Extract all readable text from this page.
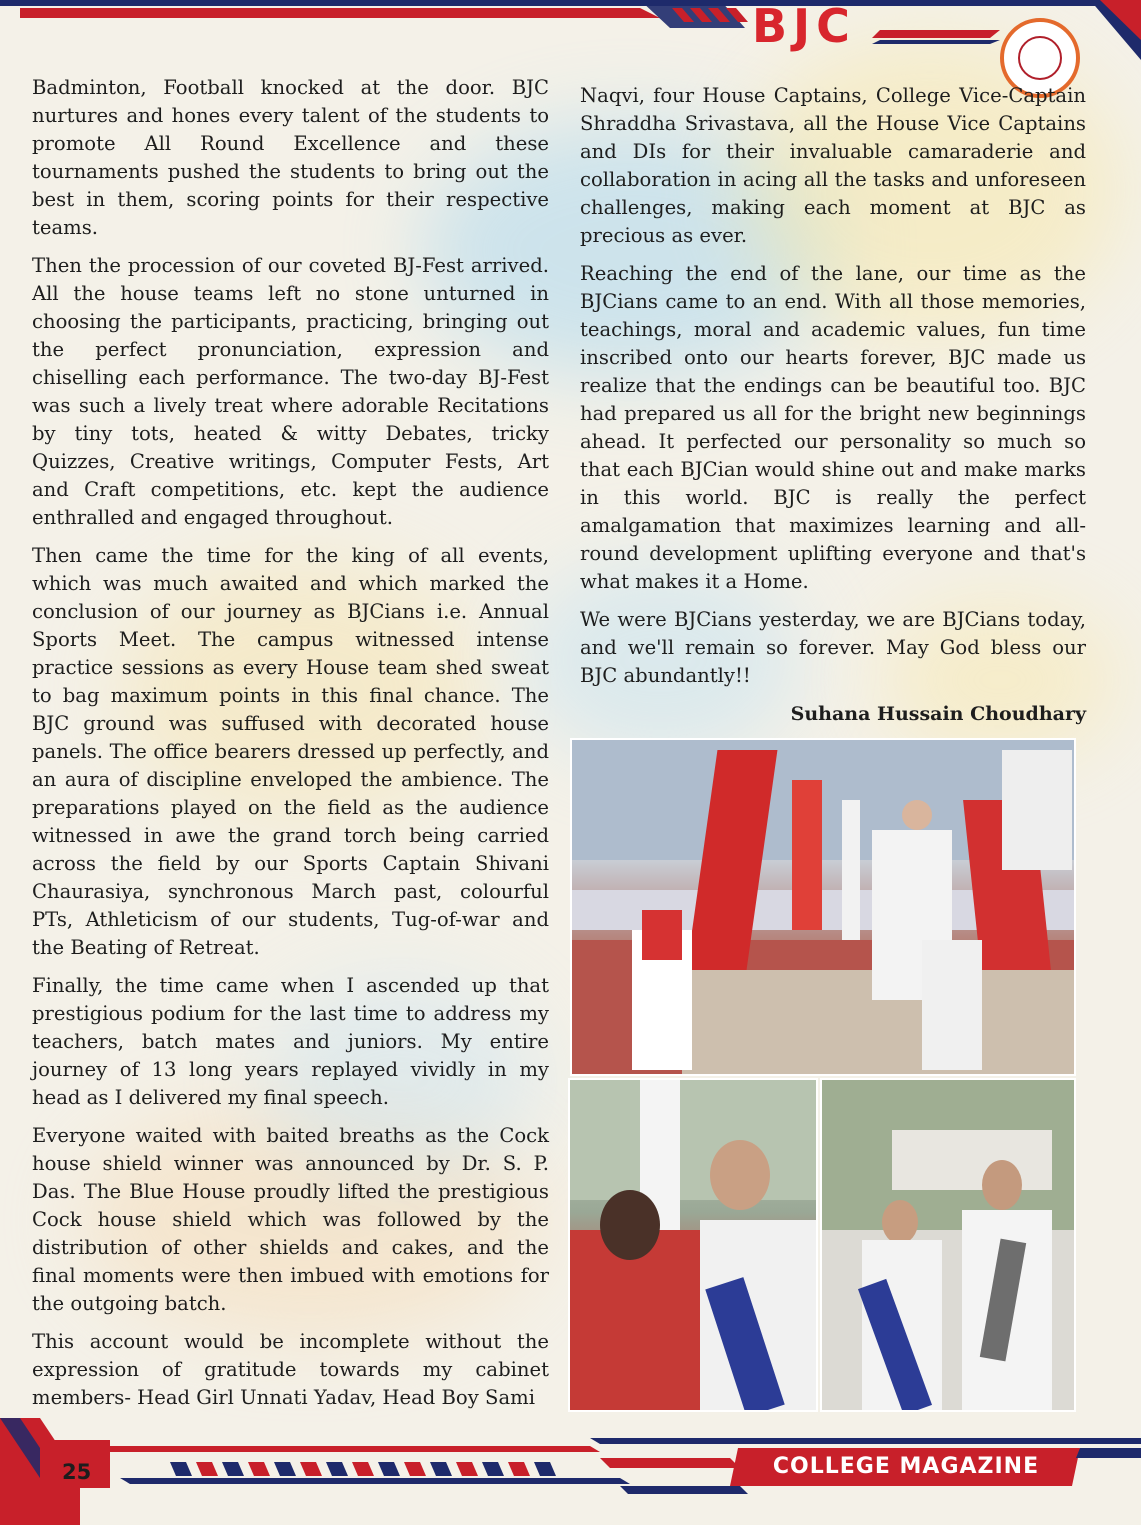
BJC

Badminton, Football knocked at the door. BJC nurtures and hones every talent of the students to promote All Round Excellence and these tournaments pushed the students to bring out the best in them, scoring points for their respective teams.

Then the procession of our coveted BJ-Fest arrived. All the house teams left no stone unturned in choosing the participants, practicing, bringing out the perfect pronunciation, expression and chiselling each performance. The two-day BJ-Fest was such a lively treat where adorable Recitations by tiny tots, heated & witty Debates, tricky Quizzes, Creative writings, Computer Fests, Art and Craft competitions, etc. kept the audience enthralled and engaged throughout.

Then came the time for the king of all events, which was much awaited and which marked the conclusion of our journey as BJCians i.e. Annual Sports Meet. The campus witnessed intense practice sessions as every House team shed sweat to bag maximum points in this final chance. The BJC ground was suffused with decorated house panels. The office bearers dressed up perfectly, and an aura of discipline enveloped the ambience. The preparations played on the field as the audience witnessed in awe the grand torch being carried across the field by our Sports Captain Shivani Chaurasiya, synchronous March past, colourful PTs, Athleticism of our students, Tug-of-war and the Beating of Retreat.

Finally, the time came when I ascended up that prestigious podium for the last time to address my teachers, batch mates and juniors. My entire journey of 13 long years replayed vividly in my head as I delivered my final speech.

Everyone waited with baited breaths as the Cock house shield winner was announced by Dr. S. P. Das. The Blue House proudly lifted the prestigious Cock house shield which was followed by the distribution of other shields and cakes, and the final moments were then imbued with emotions for the outgoing batch.

This account would be incomplete without the expression of gratitude towards my cabinet members- Head Girl Unnati Yadav, Head Boy Sami

Naqvi, four House Captains, College Vice-Captain Shraddha Srivastava, all the House Vice Captains and DIs for their invaluable camaraderie and collaboration in acing all the tasks and unforeseen challenges, making each moment at BJC as precious as ever.

Reaching the end of the lane, our time as the BJCians came to an end. With all those memories, teachings, moral and academic values, fun time inscribed onto our hearts forever, BJC made us realize that the endings can be beautiful too. BJC had prepared us all for the bright new beginnings ahead. It perfected our personality so much so that each BJCian would shine out and make marks in this world. BJC is really the perfect amalgamation that maximizes learning and all-round development uplifting everyone and that's what makes it a Home.

We were BJCians yesterday, we are BJCians today, and we'll remain so forever. May God bless our BJC abundantly!!

Suhana Hussain Choudhary
25	COLLEGE MAGAZINE
